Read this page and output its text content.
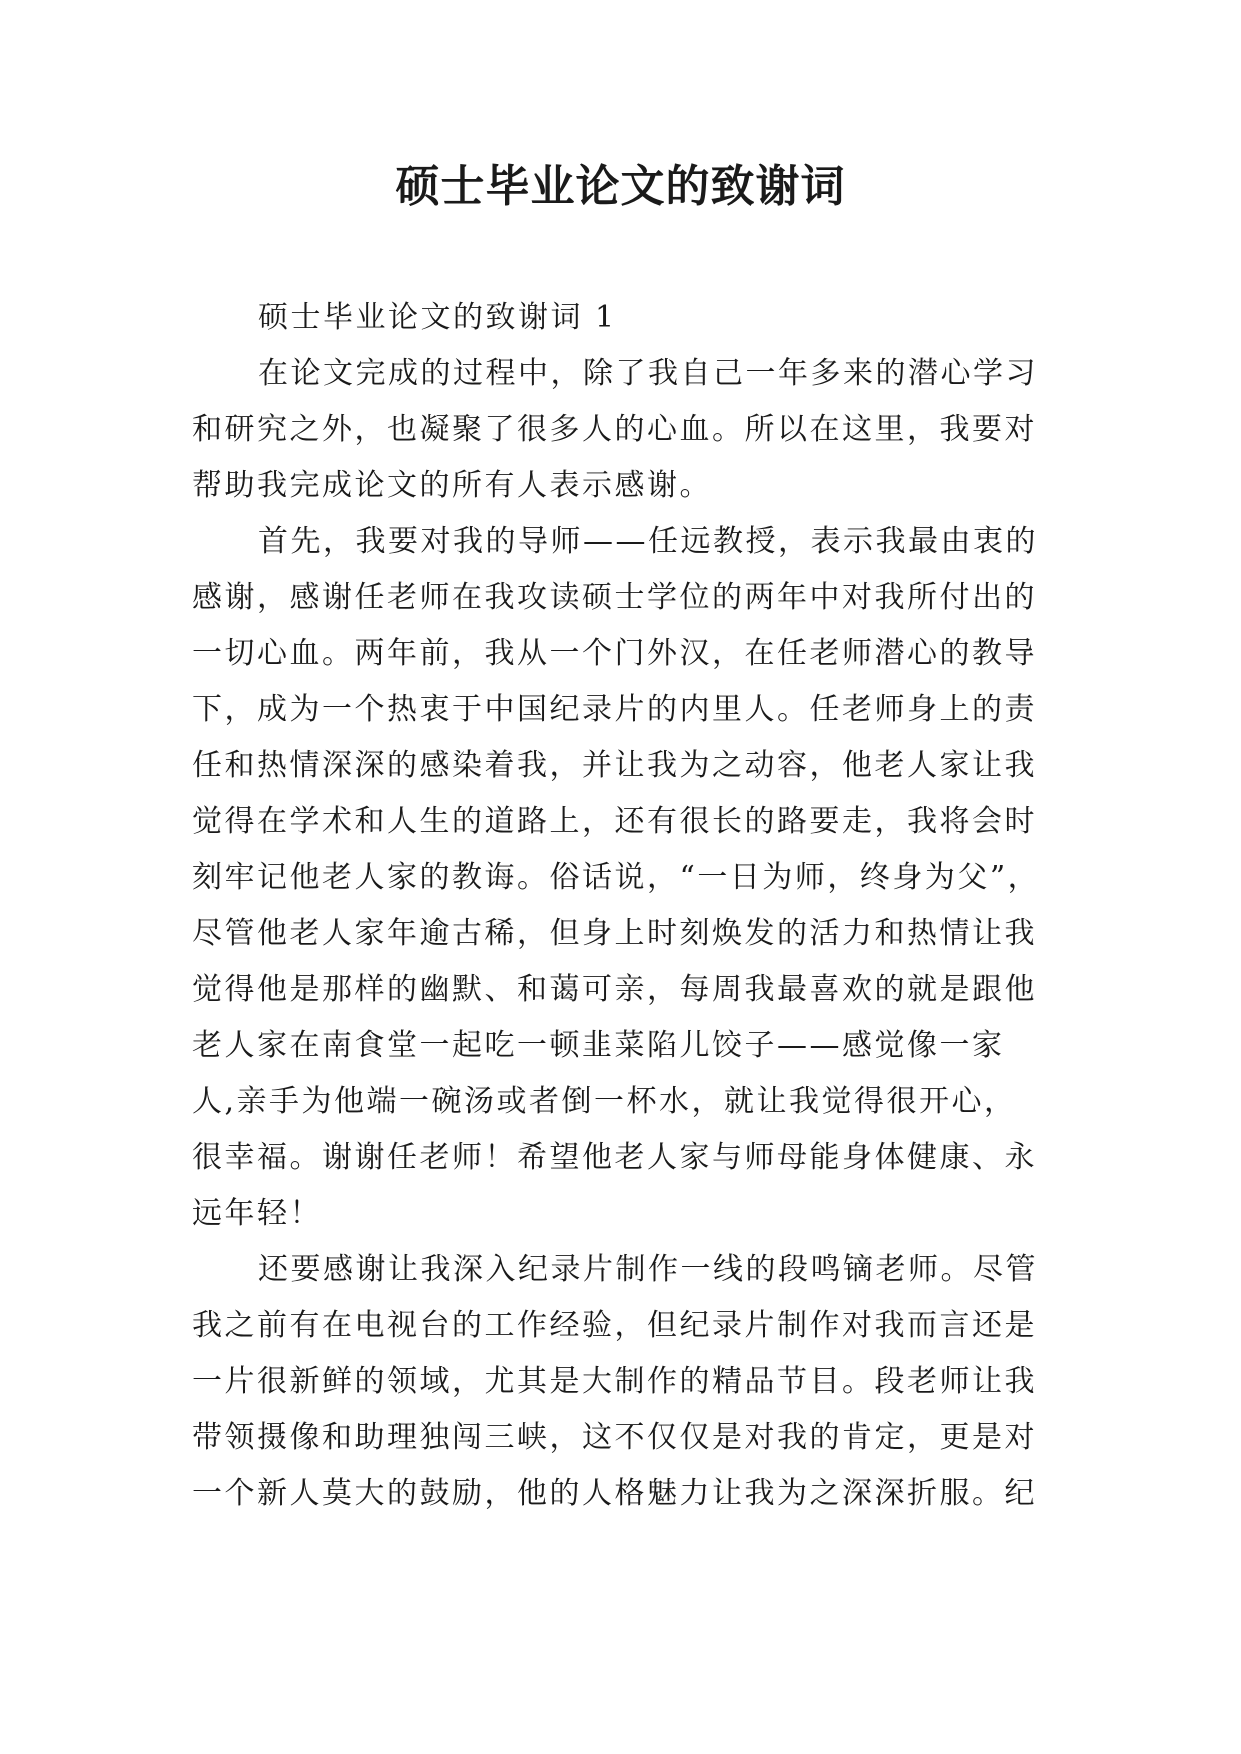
硕士毕业论文的致谢词
硕士毕业论文的致谢词 1
在论文完成的过程中，除了我自己一年多来的潜心学习
和研究之外，也凝聚了很多人的心血。所以在这里，我要对
帮助我完成论文的所有人表示感谢。
首先，我要对我的导师——任远教授，表示我最由衷的
感谢，感谢任老师在我攻读硕士学位的两年中对我所付出的
一切心血。两年前，我从一个门外汉，在任老师潜心的教导
下，成为一个热衷于中国纪录片的内里人。任老师身上的责
任和热情深深的感染着我，并让我为之动容，他老人家让我
觉得在学术和人生的道路上，还有很长的路要走，我将会时
刻牢记他老人家的教诲。俗话说，“一日为师，终身为父”，
尽管他老人家年逾古稀，但身上时刻焕发的活力和热情让我
觉得他是那样的幽默、和蔼可亲，每周我最喜欢的就是跟他
老人家在南食堂一起吃一顿韭菜陷儿饺子——感觉像一家
人,亲手为他端一碗汤或者倒一杯水，就让我觉得很开心，
很幸福。谢谢任老师！希望他老人家与师母能身体健康、永
远年轻！
还要感谢让我深入纪录片制作一线的段鸣镝老师。尽管
我之前有在电视台的工作经验，但纪录片制作对我而言还是
一片很新鲜的领域，尤其是大制作的精品节目。段老师让我
带领摄像和助理独闯三峡，这不仅仅是对我的肯定，更是对
一个新人莫大的鼓励，他的人格魅力让我为之深深折服。纪
